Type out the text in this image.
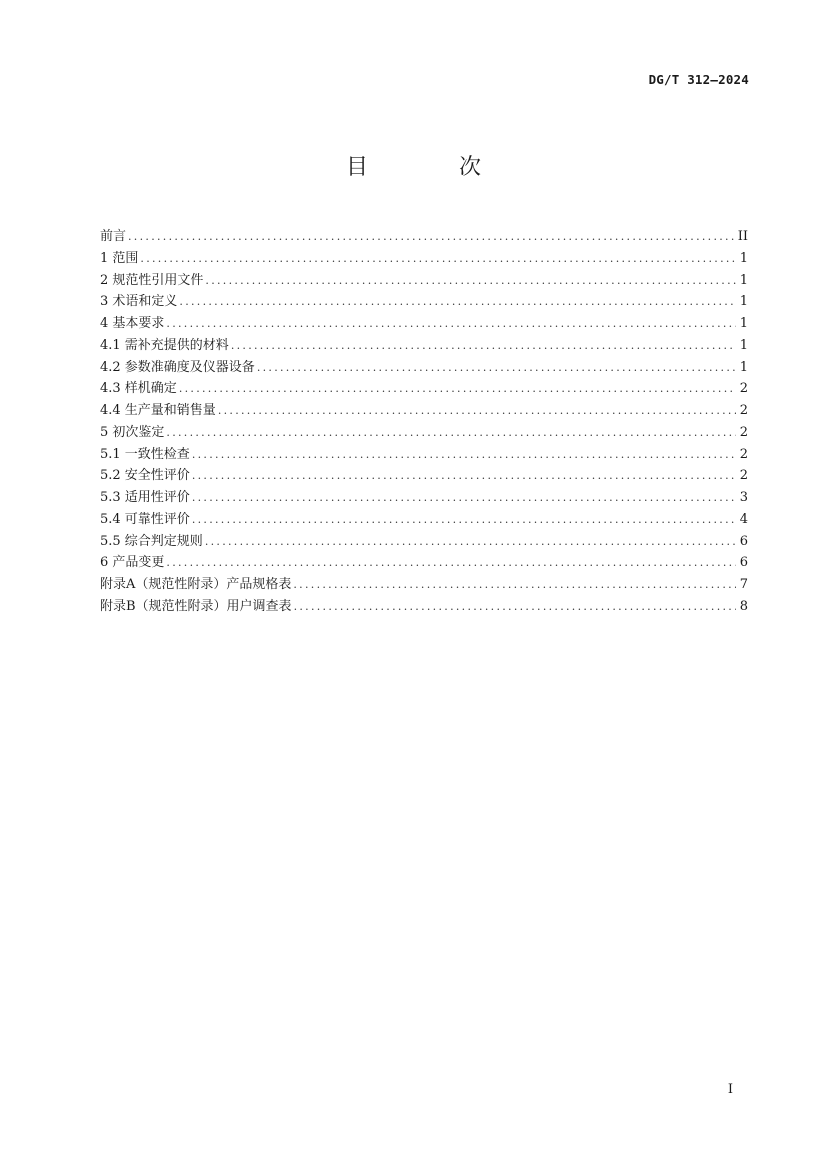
DG/T 312—2024
目 次
前言 .....	II
1 范围 .....	1
2 规范性引用文件 .....	1
3 术语和定义 .....	1
4 基本要求 .....	1
4.1 需补充提供的材料 .....	1
4.2 参数准确度及仪器设备 .....	1
4.3 样机确定 .....	2
4.4 生产量和销售量 .....	2
5 初次鉴定 .....	2
5.1 一致性检查 .....	2
5.2 安全性评价 .....	2
5.3 适用性评价 .....	3
5.4 可靠性评价 .....	4
5.5 综合判定规则 .....	6
6 产品变更 .....	6
附录A（规范性附录）产品规格表 .....	7
附录B（规范性附录）用户调查表 .....	8
I
